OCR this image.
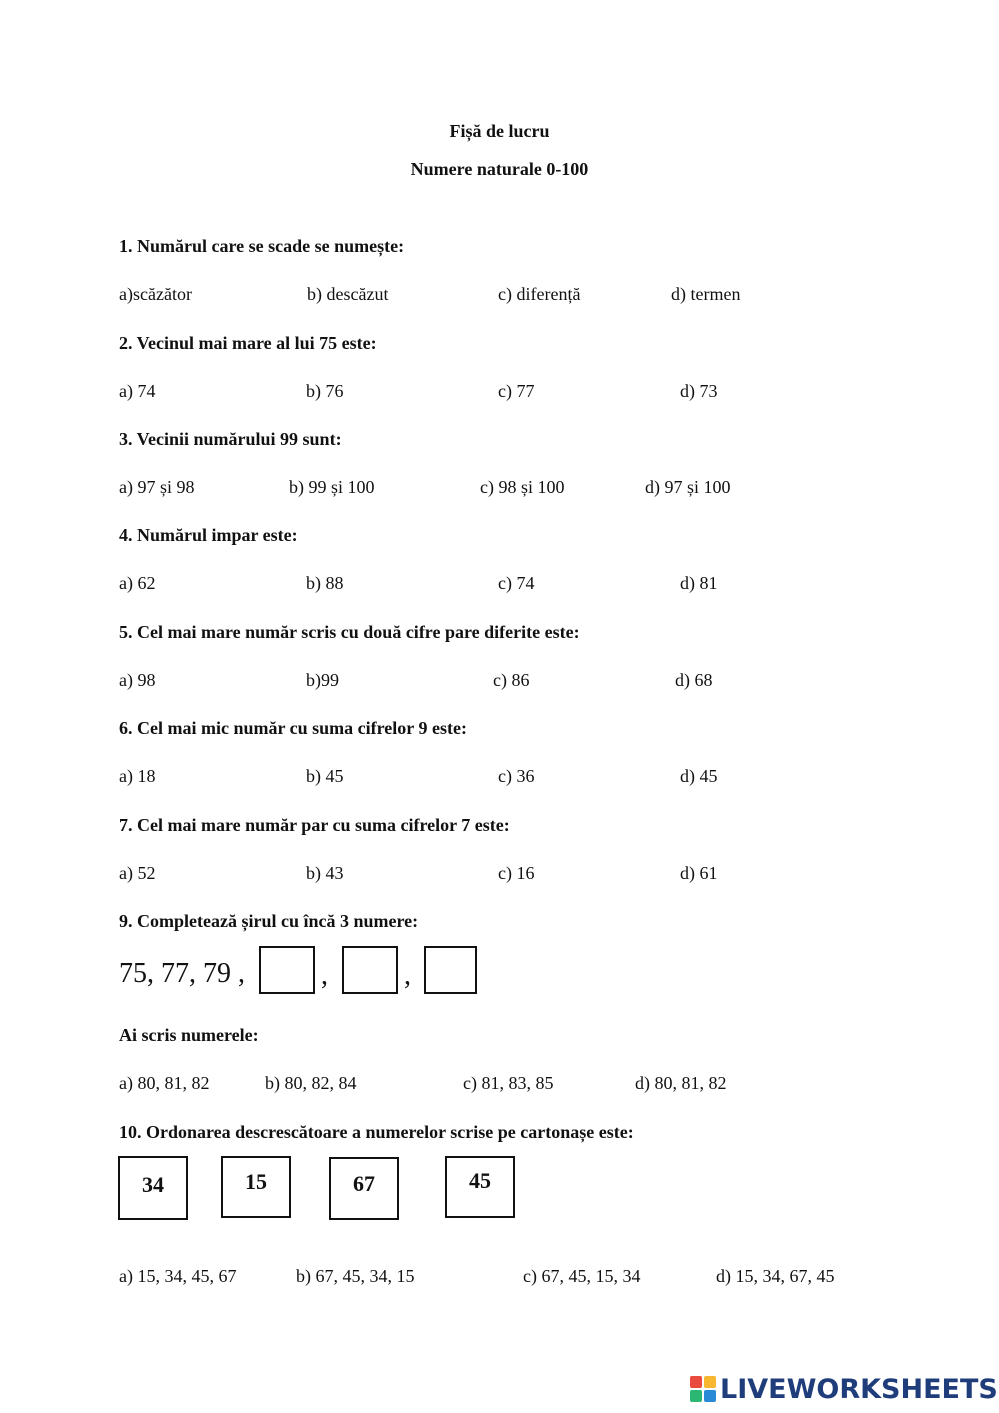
Fișă de lucru
Numere naturale 0-100
1. Numărul care se scade se numește:
a)scăzător	b) descăzut	c) diferență	d) termen
2. Vecinul mai mare al lui 75 este:
a) 74	b) 76	c) 77	d) 73
3. Vecinii numărului 99 sunt:
a) 97 și 98	b) 99 și 100	c) 98 și 100	d) 97 și 100
4. Numărul impar este:
a) 62	b) 88	c) 74	d) 81
5. Cel mai mare număr scris cu două cifre pare diferite este:
a) 98	b)99	c) 86	d) 68
6. Cel mai mic număr cu suma cifrelor 9 este:
a) 18	b) 45	c) 36	d) 45
7. Cel mai mare număr par cu suma cifrelor 7 este:
a) 52	b) 43	c) 16	d) 61
9. Completează șirul cu încă 3 numere:
75, 77, 79 ,	,	,
Ai scris numerele:
a) 80, 81, 82	b) 80, 82, 84	c) 81, 83, 85	d) 80, 81, 82
10. Ordonarea descrescătoare a numerelor scrise pe cartonașe este:
34	15	67	45
a) 15, 34, 45, 67	b) 67, 45, 34, 15	c) 67, 45, 15, 34	d) 15, 34, 67, 45
LIVEWORKSHEETS
